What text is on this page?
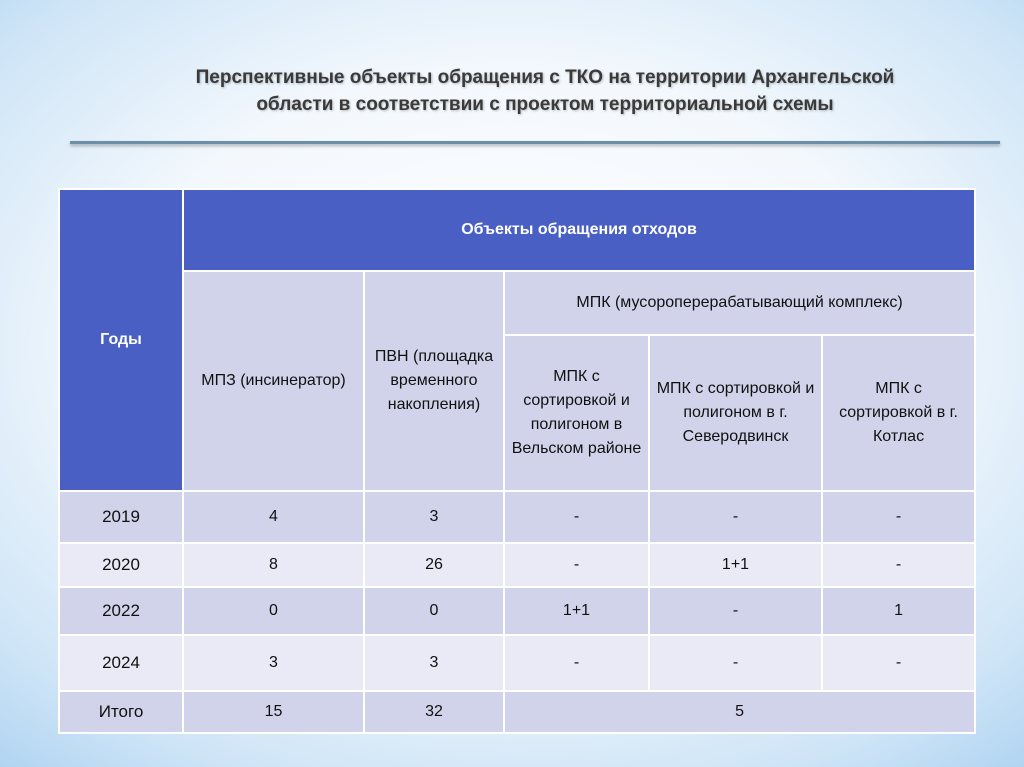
Перспективные объекты обращения с ТКО на территории Архангельской
области в соответствии с проектом территориальной схемы
Годы	Объекты обращения отходов				
	МПЗ (инсинератор)	ПВН (площадка временного накопления)	МПК (мусороперерабатывающий комплекс)		
			МПК с сортировкой и полигоном в Вельском районе	МПК с сортировкой и полигоном в г. Северодвинск	МПК с сортировкой в г. Котлас
2019	4	3	-	-	-
2020	8	26	-	1+1	-
2022	0	0	1+1	-	1
2024	3	3	-	-	-
Итого	15	32	5		
